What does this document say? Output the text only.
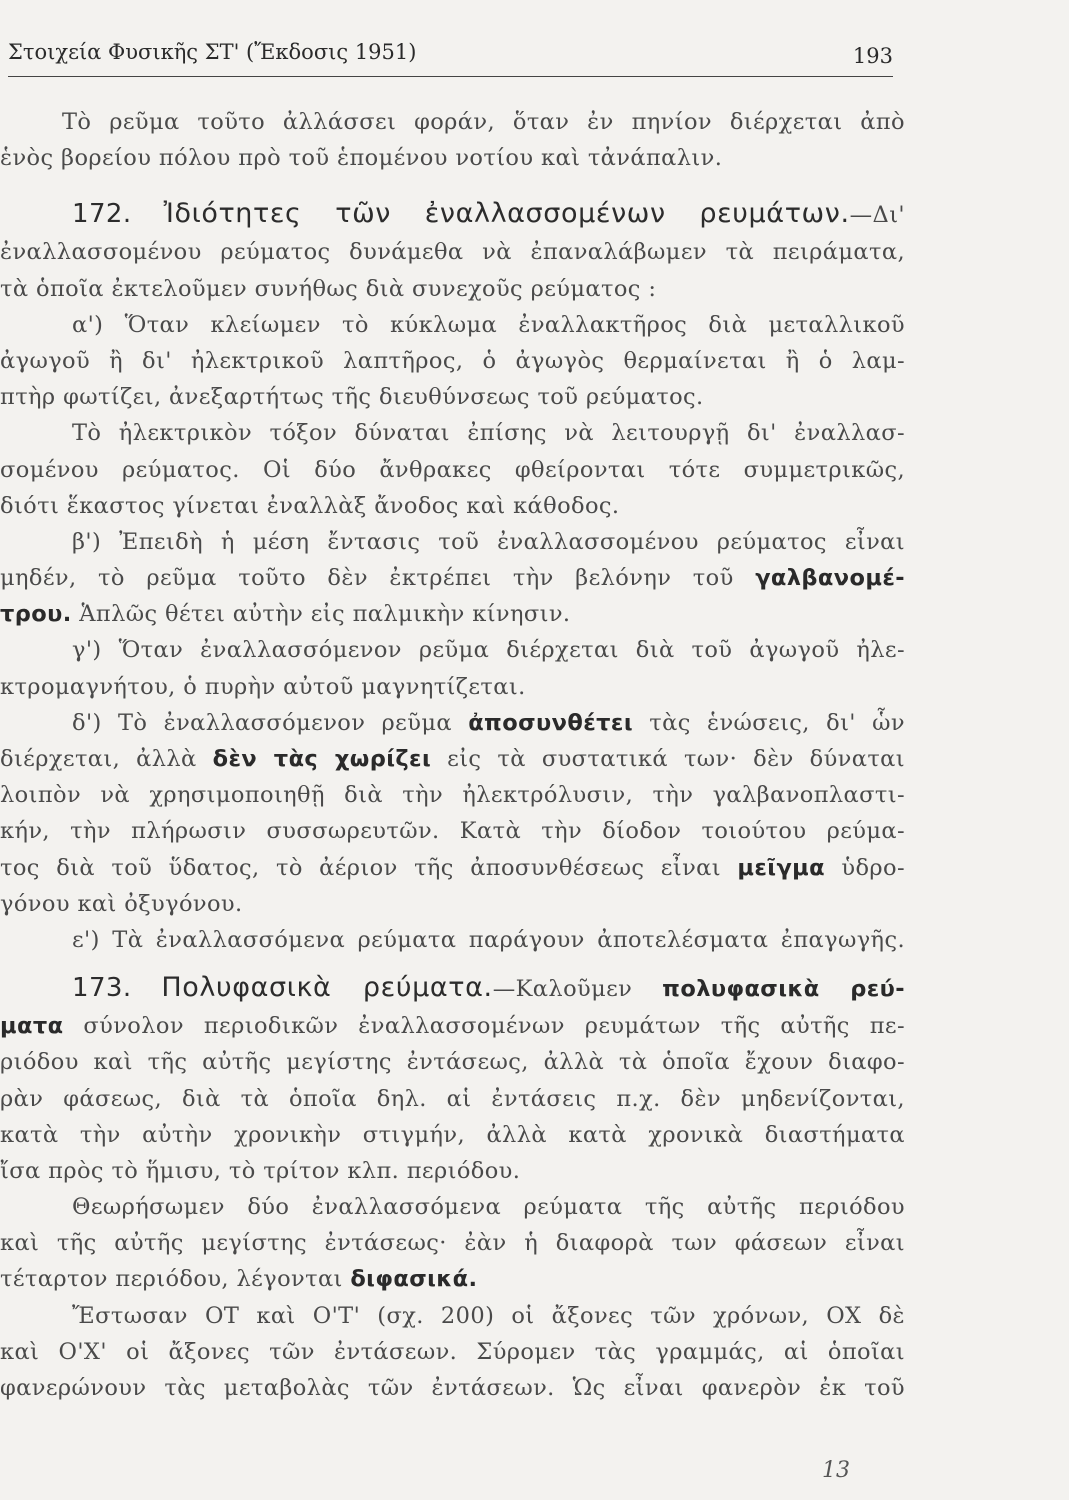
Στοιχεία Φυσικῆς ΣΤ' (Ἔκδοσις 1951)	193
Τὸ ρεῦμα τοῦτο ἀλλάσσει φοράν, ὅταν ἐν πηνίον διέρχεται ἀπὸ
ἑνὸς βορείου πόλου πρὸ τοῦ ἑπομένου νοτίου καὶ τἀνάπαλιν.
172. Ἰδιότητες τῶν ἐναλλασσομένων ρευμάτων.—Δι'
ἐναλλασσομένου ρεύματος δυνάμεθα νὰ ἐπαναλάβωμεν τὰ πειράματα,
τὰ ὁποῖα ἐκτελοῦμεν συνήθως διὰ συνεχοῦς ρεύματος :
α') Ὅταν κλείωμεν τὸ κύκλωμα ἐναλλακτῆρος διὰ μεταλλικοῦ
ἀγωγοῦ ἢ δι' ἠλεκτρικοῦ λαπτῆρος, ὁ ἀγωγὸς θερμαίνεται ἢ ὁ λαμ-
πτὴρ φωτίζει, ἀνεξαρτήτως τῆς διευθύνσεως τοῦ ρεύματος.
Τὸ ἠλεκτρικὸν τόξον δύναται ἐπίσης νὰ λειτουργῇ δι' ἐναλλασ-
σομένου ρεύματος. Οἱ δύο ἄνθρακες φθείρονται τότε συμμετρικῶς,
διότι ἕκαστος γίνεται ἐναλλὰξ ἄνοδος καὶ κάθοδος.
β') Ἐπειδὴ ἡ μέση ἔντασις τοῦ ἐναλλασσομένου ρεύματος εἶναι
μηδέν, τὸ ρεῦμα τοῦτο δὲν ἐκτρέπει τὴν βελόνην τοῦ γαλβανομέ-
τρου. Ἁπλῶς θέτει αὐτὴν εἰς παλμικὴν κίνησιν.
γ') Ὅταν ἐναλλασσόμενον ρεῦμα διέρχεται διὰ τοῦ ἀγωγοῦ ἠλε-
κτρομαγνήτου, ὁ πυρὴν αὐτοῦ μαγνητίζεται.
δ') Τὸ ἐναλλασσόμενον ρεῦμα ἀποσυνθέτει τὰς ἑνώσεις, δι' ὧν
διέρχεται, ἀλλὰ δὲν τὰς χωρίζει εἰς τὰ συστατικά των· δὲν δύναται
λοιπὸν νὰ χρησιμοποιηθῇ διὰ τὴν ἠλεκτρόλυσιν, τὴν γαλβανοπλαστι-
κήν, τὴν πλήρωσιν συσσωρευτῶν. Κατὰ τὴν δίοδον τοιούτου ρεύμα-
τος διὰ τοῦ ὕδατος, τὸ ἀέριον τῆς ἀποσυνθέσεως εἶναι μεῖγμα ὑδρο-
γόνου καὶ ὀξυγόνου.
ε') Τὰ ἐναλλασσόμενα ρεύματα παράγουν ἀποτελέσματα ἐπαγωγῆς.
173. Πολυφασικὰ ρεύματα.—Καλοῦμεν πολυφασικὰ ρεύ-
ματα σύνολον περιοδικῶν ἐναλλασσομένων ρευμάτων τῆς αὐτῆς πε-
ριόδου καὶ τῆς αὐτῆς μεγίστης ἐντάσεως, ἀλλὰ τὰ ὁποῖα ἔχουν διαφο-
ρὰν φάσεως, διὰ τὰ ὁποῖα δηλ. αἱ ἐντάσεις π.χ. δὲν μηδενίζονται,
κατὰ τὴν αὐτὴν χρονικὴν στιγμήν, ἀλλὰ κατὰ χρονικὰ διαστήματα
ἴσα πρὸς τὸ ἥμισυ, τὸ τρίτον κλπ. περιόδου.
Θεωρήσωμεν δύο ἐναλλασσόμενα ρεύματα τῆς αὐτῆς περιόδου
καὶ τῆς αὐτῆς μεγίστης ἐντάσεως· ἐὰν ἡ διαφορὰ των φάσεων εἶναι
τέταρτον περιόδου, λέγονται διφασικά.
Ἔστωσαν ΟΤ καὶ Ο'Τ' (σχ. 200) οἱ ἄξονες τῶν χρόνων, ΟΧ δὲ
καὶ Ο'Χ' οἱ ἄξονες τῶν ἐντάσεων. Σύρομεν τὰς γραμμάς, αἱ ὁποῖαι
φανερώνουν τὰς μεταβολὰς τῶν ἐντάσεων. Ὡς εἶναι φανερὸν ἐκ τοῦ
13
